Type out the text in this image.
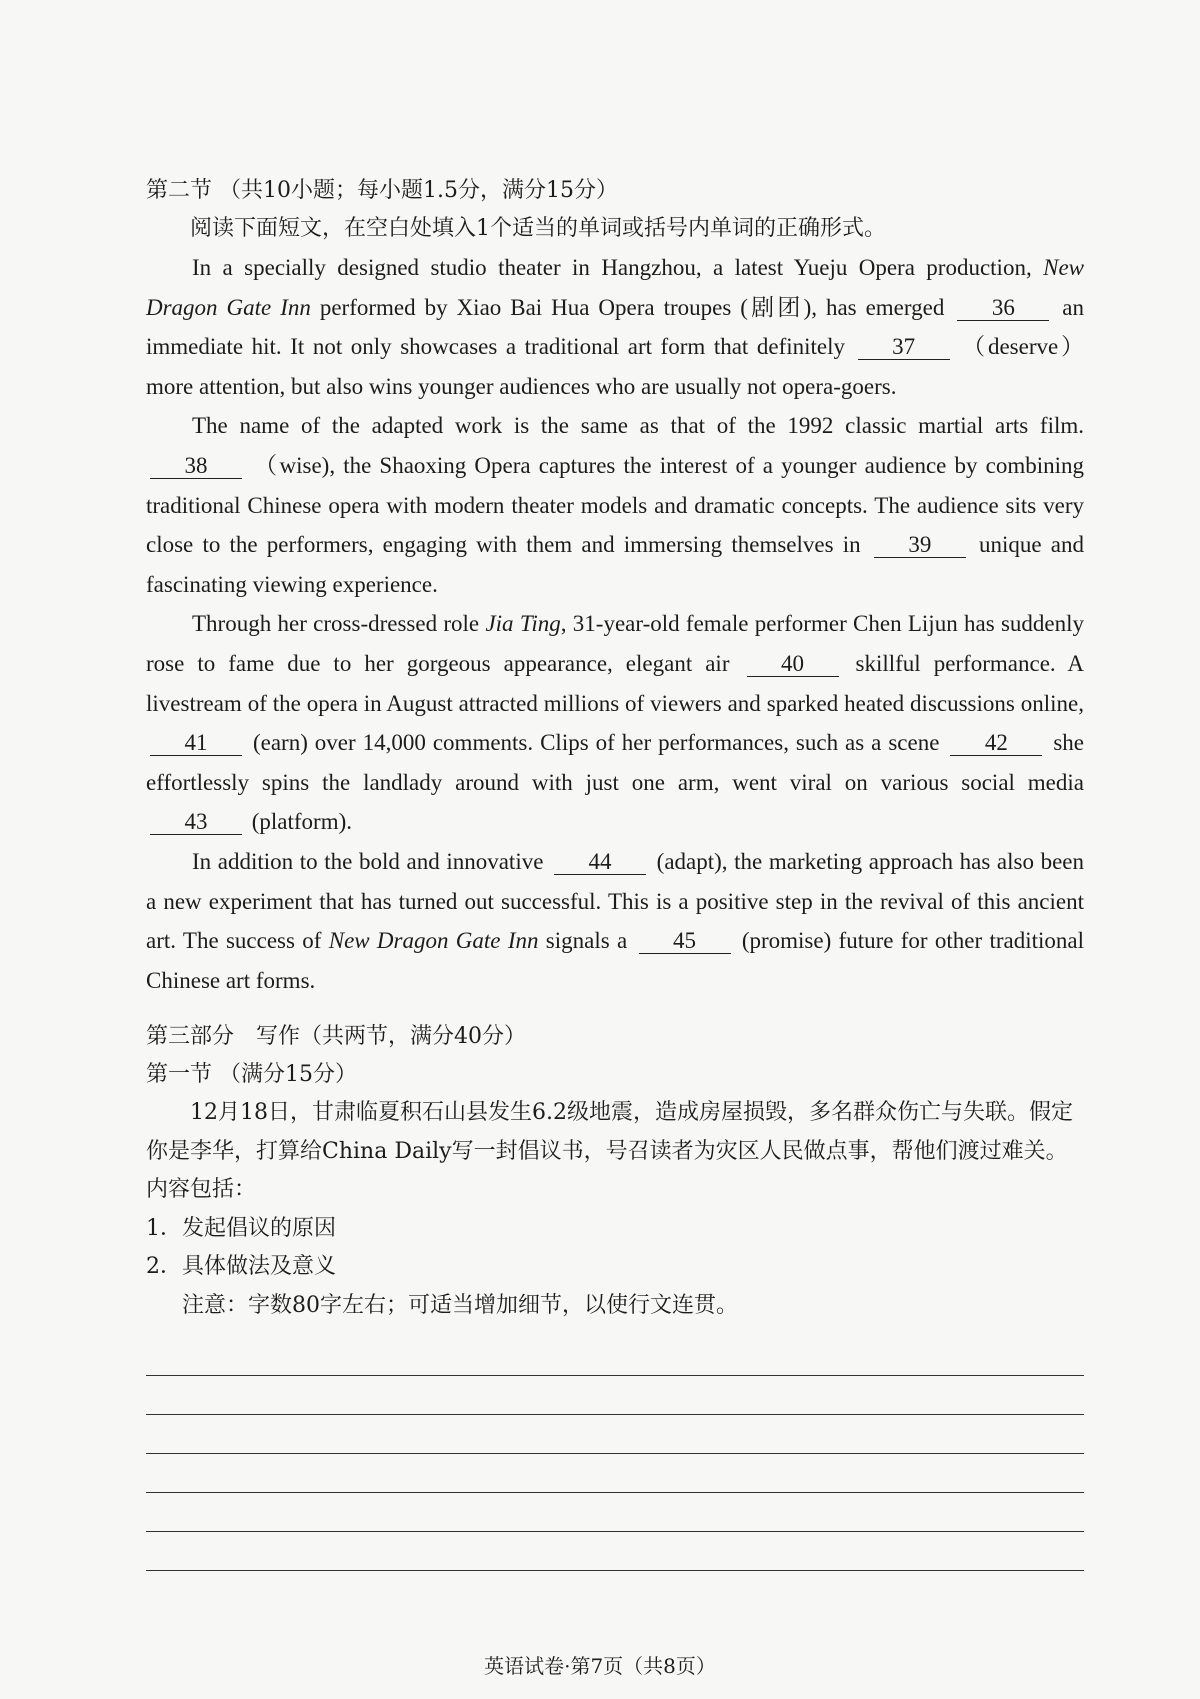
第二节 （共10小题；每小题1.5分，满分15分）

阅读下面短文，在空白处填入1个适当的单词或括号内单词的正确形式。

In a specially designed studio theater in Hangzhou, a latest Yueju Opera production, New Dragon Gate Inn performed by Xiao Bai Hua Opera troupes (剧团), has emerged 36 an immediate hit. It not only showcases a traditional art form that definitely 37 （deserve） more attention, but also wins younger audiences who are usually not opera-goers.

The name of the adapted work is the same as that of the 1992 classic martial arts film. 38 （wise), the Shaoxing Opera captures the interest of a younger audience by combining traditional Chinese opera with modern theater models and dramatic concepts. The audience sits very close to the performers, engaging with them and immersing themselves in 39 unique and fascinating viewing experience.

Through her cross-dressed role Jia Ting, 31-year-old female performer Chen Lijun has suddenly rose to fame due to her gorgeous appearance, elegant air 40 skillful performance. A livestream of the opera in August attracted millions of viewers and sparked heated discussions online, 41 (earn) over 14,000 comments. Clips of her performances, such as a scene 42 she effortlessly spins the landlady around with just one arm, went viral on various social media 43 (platform).

In addition to the bold and innovative 44 (adapt), the marketing approach has also been a new experiment that has turned out successful. This is a positive step in the revival of this ancient art. The success of New Dragon Gate Inn signals a 45 (promise) future for other traditional Chinese art forms.

第三部分　写作（共两节，满分40分）

第一节 （满分15分）

12月18日，甘肃临夏积石山县发生6.2级地震，造成房屋损毁，多名群众伤亡与失联。假定你是李华，打算给China Daily写一封倡议书，号召读者为灾区人民做点事，帮他们渡过难关。内容包括：

1．发起倡议的原因

2．具体做法及意义

注意：字数80字左右；可适当增加细节，以使行文连贯。

英语试卷·第7页（共8页）
